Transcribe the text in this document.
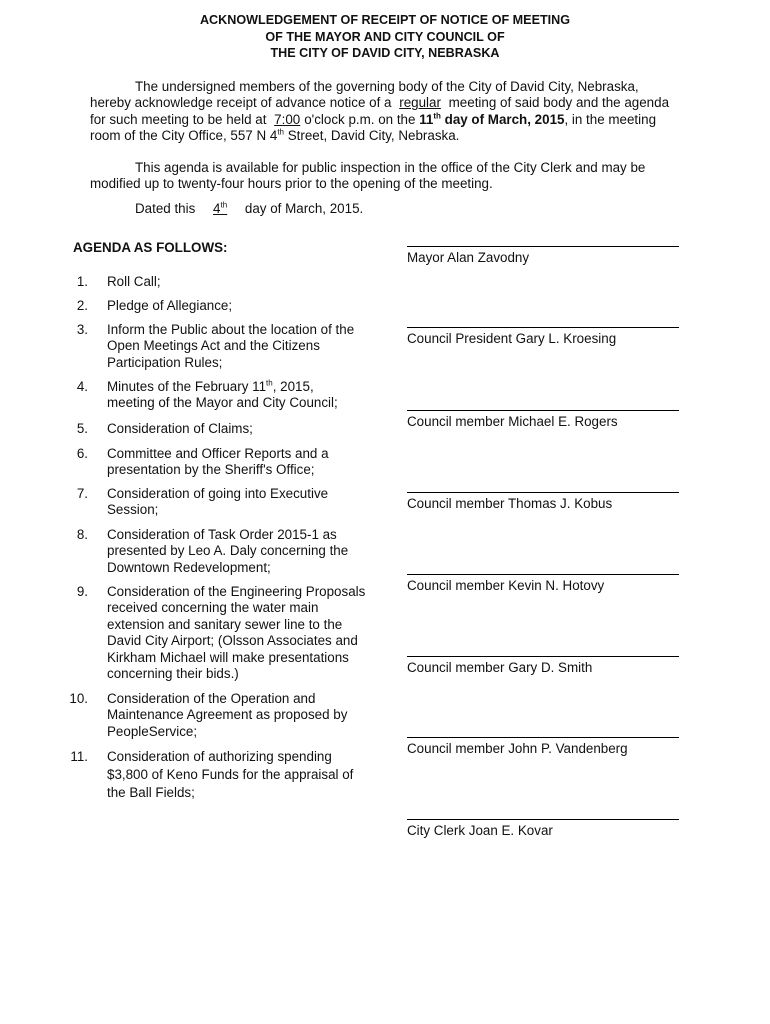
ACKNOWLEDGEMENT OF RECEIPT OF NOTICE OF MEETING
OF THE MAYOR AND CITY COUNCIL OF
THE CITY OF DAVID CITY, NEBRASKA

The undersigned members of the governing body of the City of David City, Nebraska, hereby acknowledge receipt of advance notice of a regular meeting of said body and the agenda for such meeting to be held at 7:00 o'clock p.m. on the 11th day of March, 2015, in the meeting room of the City Office, 557 N 4th Street, David City, Nebraska.

This agenda is available for public inspection in the office of the City Clerk and may be modified up to twenty-four hours prior to the opening of the meeting.

Dated this 4th day of March, 2015.
AGENDA AS FOLLOWS:
1. Roll Call;
2. Pledge of Allegiance;
3. Inform the Public about the location of the Open Meetings Act and the Citizens Participation Rules;
4. Minutes of the February 11th, 2015, meeting of the Mayor and City Council;
5. Consideration of Claims;
6. Committee and Officer Reports and a presentation by the Sheriff's Office;
7. Consideration of going into Executive Session;
8. Consideration of Task Order 2015-1 as presented by Leo A. Daly concerning the Downtown Redevelopment;
9. Consideration of the Engineering Proposals received concerning the water main extension and sanitary sewer line to the David City Airport; (Olsson Associates and Kirkham Michael will make presentations concerning their bids.)
10. Consideration of the Operation and Maintenance Agreement as proposed by PeopleService;
11. Consideration of authorizing spending $3,800 of Keno Funds for the appraisal of the Ball Fields;
Mayor Alan Zavodny
Council President Gary L. Kroesing
Council member Michael E. Rogers
Council member Thomas J. Kobus
Council member Kevin N. Hotovy
Council member Gary D. Smith
Council member John P. Vandenberg
City Clerk Joan E. Kovar
